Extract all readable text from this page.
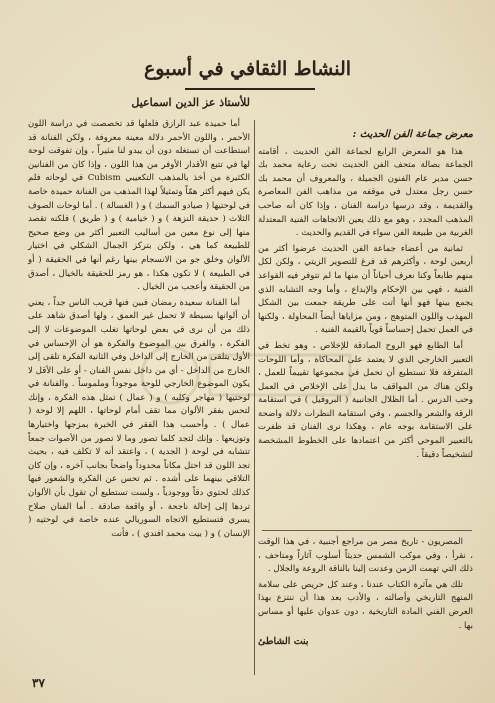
النشاط الثقافي في أسبوع
للأستاذ عز الدين اسماعيل

أما حميدة عبد الرازق فلعلها قد تخصصت في دراسة اللون الأحمر ، واللون الأحمر دلالة معينة معروفة ، ولكن الفنانة قد استطاعت أن تستغله دون أن يبدو لنا مثيراً ، وإن تفوقت لوحة لها في تتبع الأقدار الأوفر من هذا اللون ، وإذا كان من الفنانين الكثيرة من أخذ بالمذهب التكعيبي Cubism في لوحاته فلم يكن فيهم أكثر همّاً وتمثيلاً لهذا المذهب من الفنانة حميدة خاصة في لوحتيها ( صيادو السمك ) و ( الغسالة ) . أما لوحات الصوف الثلاث ( حديقة النزهة ) و ( خيامية ) و ( طريق ) فلكنه تقصد منها إلى نوع معين من أساليب التعبير أكثر من وضع صحيح للطبيعة كما هي ، ولكن بتركز الجمال الشكلي في اختيار الألوان وخلق جو من الانسجام بينها رغم أنها في الحقيقة ( أو في الطبيعة ) لا تكون هكذا ، هو رمز للحقيقة بالخيال ، أصدق من الحقيقة وأعجب من الخيال .

أما الفنانة سعيدة رمضان فبين فنها قريب الناس جداً ، يعني أن ألوانها بسيطة لا تحمل غير العمق ، ولها أصدق شاهد على ذلك من أن نرى في بعض لوحاتها تغلب الموضوعات لا إلى الفكرة ، والفرق بين الموضوع والفكرة هو أن الإحساس في الأول يتلقى من الخارج إلى الداخل وفي الثانية الفكرة تلقى إلى الخارج من الداخل - أي من داخل نفس الفنان - أو على الأقل لا يكون الموضوع الخارجي للوحة موجوداً وملموساً . والفنانة في لوحتيها ( مهاجر وكلبه ) و ( عمال ) تمثل هذه الفكرة ، وإنك لتحس بفقر الألوان مما تقف أمام لوحاتها ، اللهم إلا لوحة ( عمال ) . وأحسب هذا الفقر في الخبرة بمزجها واختيارها وتوزيعها . وإنك لتجد كلما تصور وما لا تصور من الأصوات جمعاً تتشابه في لوحة ( الجدية ) ، واعتقد أنه لا تكلف فيه ، بحيث تجد اللون قد احتل مكاناً محدوداً واضحاً بجانب آخره ، وإن كان التلاقي بينهما على أشده . ثم تحس عن الفكرة والشعور فيها كذلك لحتوي دقاً ووجودياً ، ولست تستطيع أن تقول بأن الألوان تردها إلى إحالة ناجحة ، أو واقعة صادقة . أما الفنان صلاح يسري فتستطيع الاتجاه السوريالي عنده خاصة في لوحتيه ( الإنسان ) و ( بيت محمد افندي ) ، فأنت

معرض جماعة الفن الحديث :

هذا هو المعرض الرابع لجماعة الفن الحديث ، أقامته الجماعة بصالة متحف الفن الحديث تحت رعاية محمد بك حسن مدير عام الفنون الجميلة ، والمعروف أن محمد بك حسن رجل معتدل في موقفه من مذاهب الفن المعاصرة والقديمة ، وقد درسها دراسة الفنان ، وإذا كان أنه صاحب المذهب المجدد ، وهو مع ذلك يعين الاتجاهات الفنية المعتدلة الغربية من طبيعة الفن سواء في القديم والحديث .

ثمانية من أعضاء جماعة الفن الحديث عرضوا أكثر من أربعين لوحة ، وأكثرهم قد فرغ للتصوير الزيتي ، ولكن لكل منهم طابعاً وكنا نعرف أحياناً أن منها ما لم تتوفر فيه القواعد الفنية ، فهي بين الإحكام والإبداع ، وأما وجه التشابه الذي يجمع بينها فهو أنها أتت على طريقة جمعت بين الشكل المهذب واللون المتوهج ، ومن مزاياها أيضاً المحاولة ، ولكنها في العمل تحمل إحساساً قوياً بالقيمة الفنية .

أما الطابع فهو الروح الصادقة للإخلاص ، وهو تخط في التعبير الخارجي الذي لا يعتمد على المحاكاة ، وأما اللوحات المتفرقة فلا تستطيع أن تحمل في مجموعها تقييماً للعمل ، ولكن هناك من المواقف ما يدل على الإخلاص في العمل وحب الدرس . أما الظلال الجانبية ( البروفيل ) في استقامة الرقة والشعر والجسم ، وفي استقامة النظرات دلالة واضحة على الاستقامة بوجه عام ، وهكذا نرى الفنان قد ظفرت بالتعبير الموحي أكثر من اعتمادها على الخطوط المشخصة لتشخيصاً دقيقاً .

المصريون - تاريخ مصر من مراجع أجنبية ، في هذا الوقت ، نقرأ ، وفي موكب الشمس حديثاً أسلوب آثاراً ومتاحف ، ذلك التي تهمت الزمن وعدنت إلينا بالناقة الروعة والجلال .

تلك هي مآثرة الكتاب عندنا ، وعند كل حريص على سلامة المنهج التاريخي وأصالته ، والأدب بعد هذا أن ننتزع بهذا العرض الفني المادة التاريخية ، دون عدوان عليها أو مساس بها .

بنت الشاطئ
٣٧
